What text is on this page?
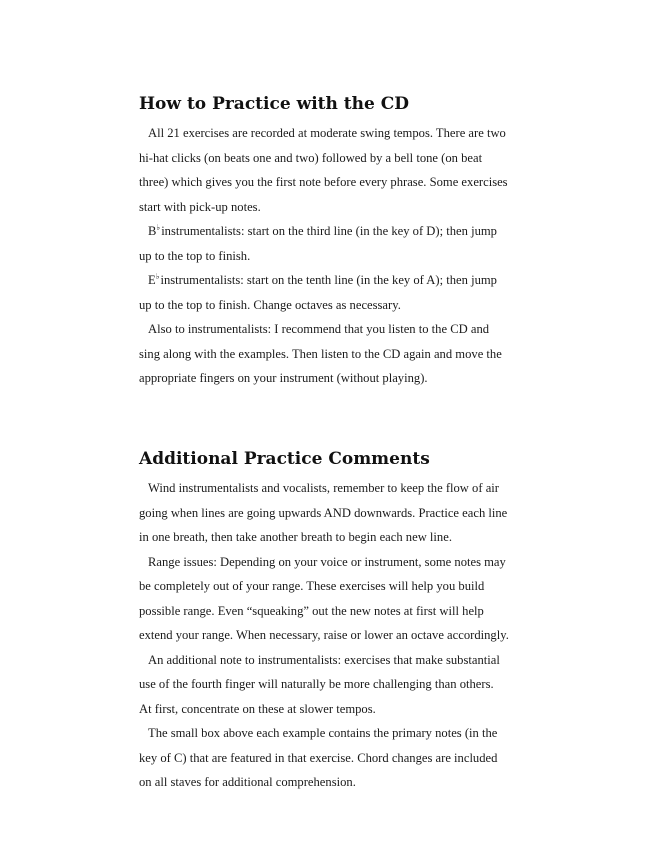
How to Practice with the CD

All 21 exercises are recorded at moderate swing tempos. There are two
hi-hat clicks (on beats one and two) followed by a bell tone (on beat
three) which gives you the first note before every phrase. Some exercises
start with pick-up notes.

B♭instrumentalists: start on the third line (in the key of D); then jump
up to the top to finish.

E♭instrumentalists: start on the tenth line (in the key of A); then jump
up to the top to finish. Change octaves as necessary.

Also to instrumentalists: I recommend that you listen to the CD and
sing along with the examples. Then listen to the CD again and move the
appropriate fingers on your instrument (without playing).

Additional Practice Comments

Wind instrumentalists and vocalists, remember to keep the flow of air
going when lines are going upwards AND downwards. Practice each line
in one breath, then take another breath to begin each new line.

Range issues: Depending on your voice or instrument, some notes may
be completely out of your range. These exercises will help you build
possible range. Even “squeaking” out the new notes at first will help
extend your range. When necessary, raise or lower an octave accordingly.

An additional note to instrumentalists: exercises that make substantial
use of the fourth finger will naturally be more challenging than others.
At first, concentrate on these at slower tempos.

The small box above each example contains the primary notes (in the
key of C) that are featured in that exercise. Chord changes are included
on all staves for additional comprehension.
